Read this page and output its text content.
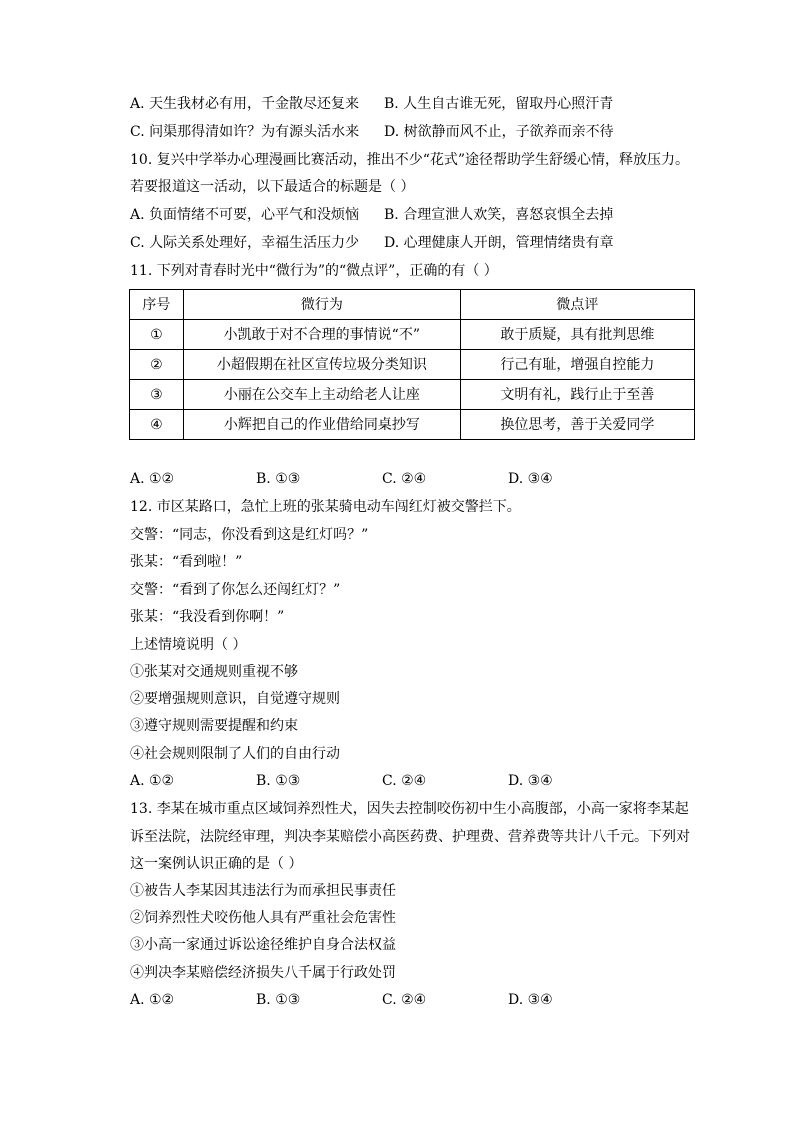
A. 天生我材必有用，千金散尽还复来 B. 人生自古谁无死，留取丹心照汗青
C. 问渠那得清如许？为有源头活水来 D. 树欲静而风不止，子欲养而亲不待
10. 复兴中学举办心理漫画比赛活动，推出不少“花式”途径帮助学生舒缓心情，释放压力。
若要报道这一活动，以下最适合的标题是（ ）
A. 负面情绪不可要，心平气和没烦恼 B. 合理宣泄人欢笑，喜怒哀惧全去掉
C. 人际关系处理好，幸福生活压力少 D. 心理健康人开朗，管理情绪贵有章
11. 下列对青春时光中“微行为”的“微点评”，正确的有（ ）
序号	微行为	微点评
①	小凯敢于对不合理的事情说“不”	敢于质疑，具有批判思维
②	小超假期在社区宣传垃圾分类知识	行己有耻，增强自控能力
③	小丽在公交车上主动给老人让座	文明有礼，践行止于至善
④	小辉把自己的作业借给同桌抄写	换位思考，善于关爱同学
A. ①②	B. ①③	C. ②④	D. ③④
12. 市区某路口，急忙上班的张某骑电动车闯红灯被交警拦下。
交警：“同志，你没看到这是红灯吗？”
张某：“看到啦！”
交警：“看到了你怎么还闯红灯？”
张某：“我没看到你啊！”
上述情境说明（ ）
①张某对交通规则重视不够
②要增强规则意识，自觉遵守规则
③遵守规则需要提醒和约束
④社会规则限制了人们的自由行动
A. ①②	B. ①③	C. ②④	D. ③④
13. 李某在城市重点区域饲养烈性犬，因失去控制咬伤初中生小高腹部，小高一家将李某起
诉至法院，法院经审理，判决李某赔偿小高医药费、护理费、营养费等共计八千元。下列对
这一案例认识正确的是（ ）
①被告人李某因其违法行为而承担民事责任
②饲养烈性犬咬伤他人具有严重社会危害性
③小高一家通过诉讼途径维护自身合法权益
④判决李某赔偿经济损失八千属于行政处罚
A. ①②	B. ①③	C. ②④	D. ③④
